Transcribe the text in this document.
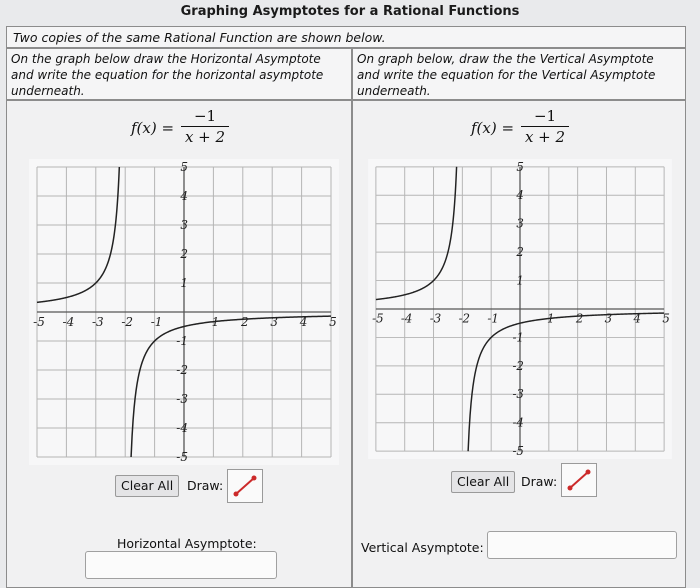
Graphing Asymptotes for a Rational Functions
Two copies of the same Rational Function are shown below.
On the graph below draw the Horizontal Asymptote
and write the equation for the horizontal asymptote
underneath.
On graph below, draw the the Vertical Asymptote
and write the equation for the Vertical Asymptote
underneath.
f(x) =
−1
x + 2
-5 -4 -3 -2 -1	1 2 3 4 5
5
4
3
2
1
-1
-2
-3
-4
-5
Clear All	Draw:
Horizontal Asymptote:
f(x) =
−1
x + 2
-5 -4 -3 -2 -1	1 2 3 4 5
5
4
3
2
1
-1
-2
-3
-4
-5
Clear All Draw:
Vertical Asymptote:
